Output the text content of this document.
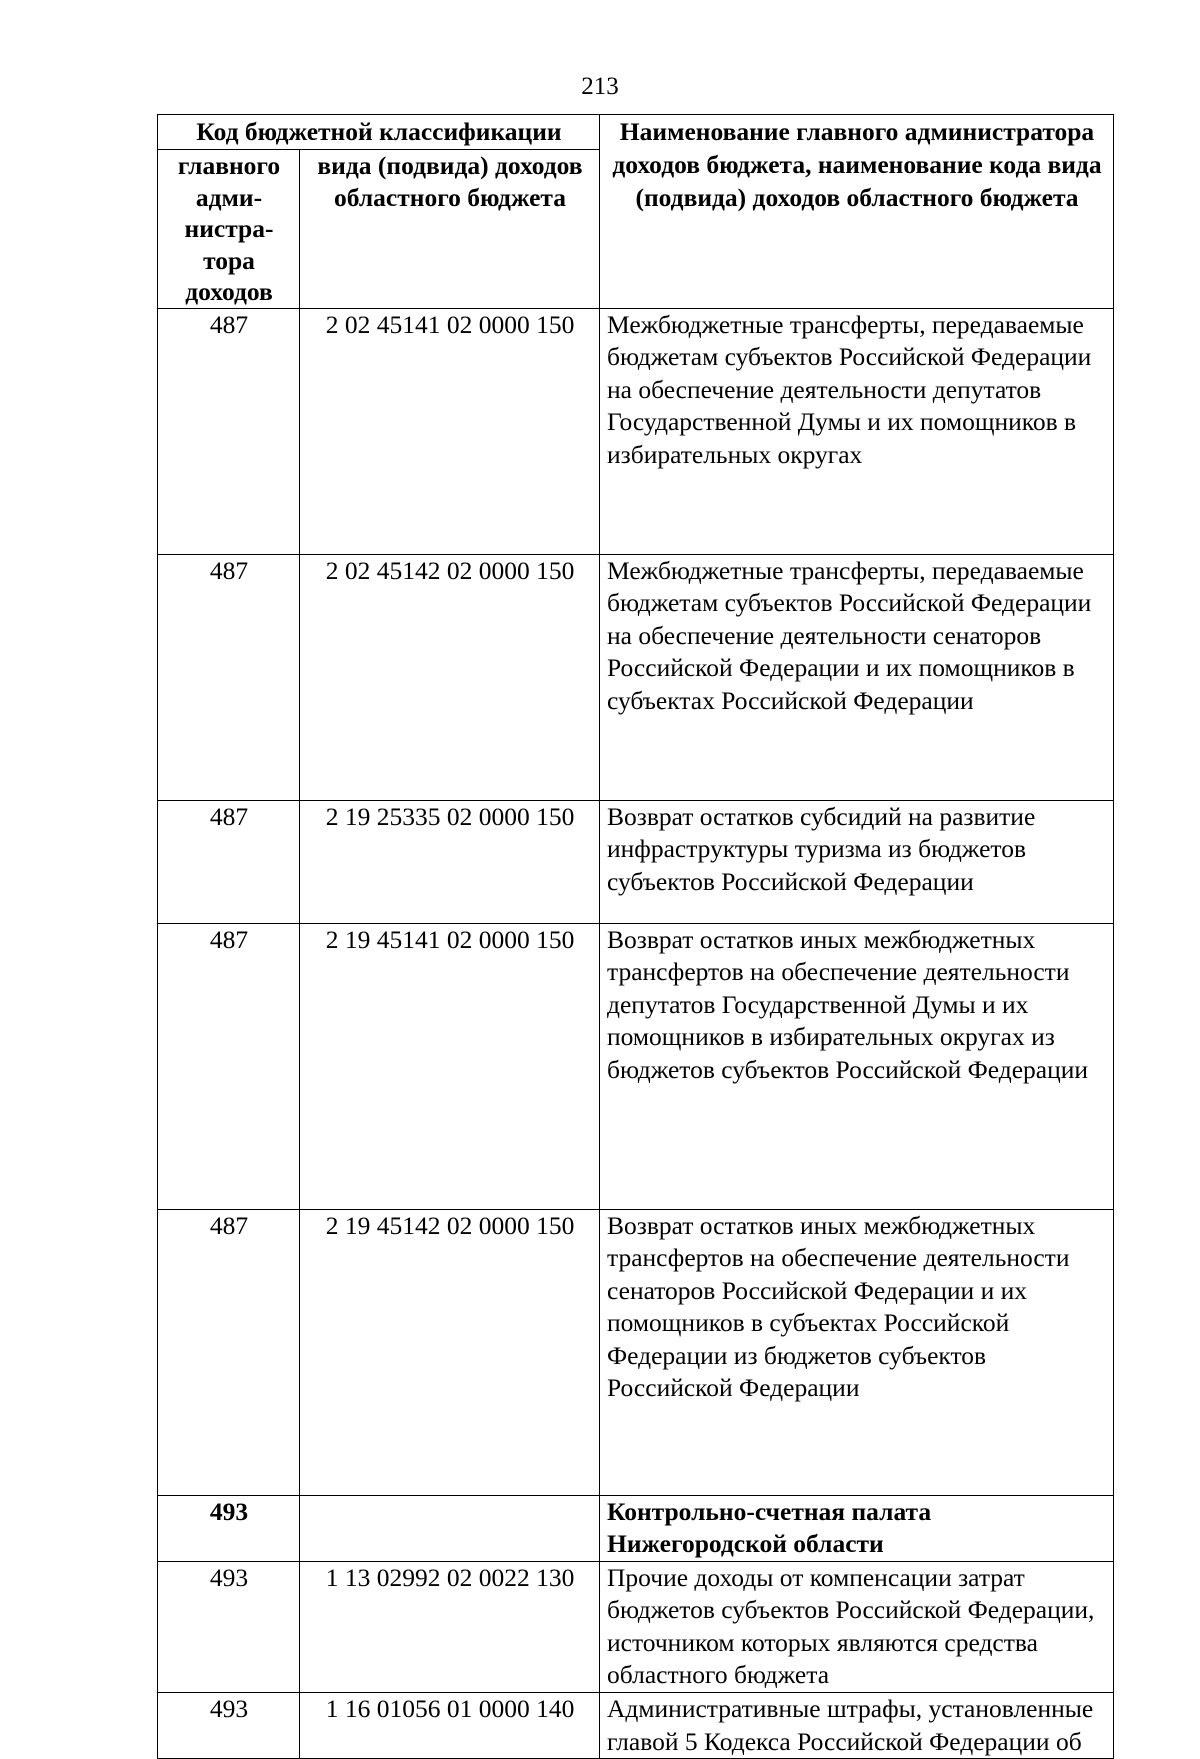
213
Код бюджетной классификации		Наименование главного администратора доходов бюджета, наименование кода вида (подвида) доходов областного бюджета
главного адми-нистра-тора доходов	вида (подвида) доходов областного бюджета	
487	2 02 45141 02 0000 150	Межбюджетные трансферты, передаваемые бюджетам субъектов Российской Федерации на обеспечение деятельности депутатов Государственной Думы и их помощников в избирательных округах
487	2 02 45142 02 0000 150	Межбюджетные трансферты, передаваемые бюджетам субъектов Российской Федерации на обеспечение деятельности сенаторов Российской Федерации и их помощников в субъектах Российской Федерации
487	2 19 25335 02 0000 150	Возврат остатков субсидий на развитие инфраструктуры туризма из бюджетов субъектов Российской Федерации
487	2 19 45141 02 0000 150	Возврат остатков иных межбюджетных трансфертов на обеспечение деятельности депутатов Государственной Думы и их помощников в избирательных округах из бюджетов субъектов Российской Федерации
487	2 19 45142 02 0000 150	Возврат остатков иных межбюджетных трансфертов на обеспечение деятельности сенаторов Российской Федерации и их помощников в субъектах Российской Федерации из бюджетов субъектов Российской Федерации
493		Контрольно-счетная палата Нижегородской области
493	1 13 02992 02 0022 130	Прочие доходы от компенсации затрат бюджетов субъектов Российской Федерации, источником которых являются средства областного бюджета
493	1 16 01056 01 0000 140	Административные штрафы, установленные главой 5 Кодекса Российской Федерации об
